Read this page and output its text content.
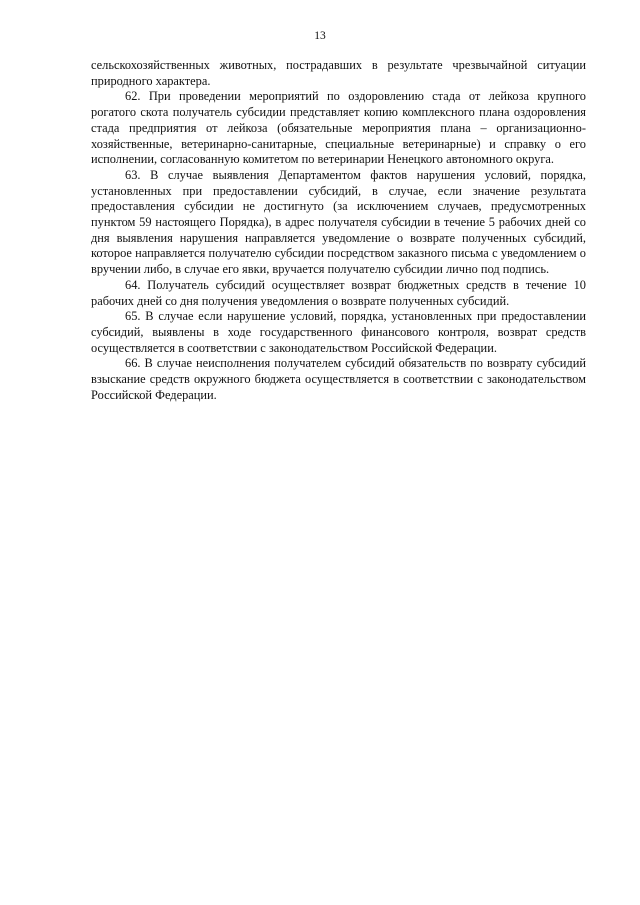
13

сельскохозяйственных животных, пострадавших в результате чрезвычайной ситуации природного характера.

62. При проведении мероприятий по оздоровлению стада от лейкоза крупного рогатого скота получатель субсидии представляет копию комплексного плана оздоровления стада предприятия от лейкоза (обязательные мероприятия плана – организационно-хозяйственные, ветеринарно-санитарные, специальные ветеринарные) и справку о его исполнении, согласованную комитетом по ветеринарии Ненецкого автономного округа.

63. В случае выявления Департаментом фактов нарушения условий, порядка, установленных при предоставлении субсидий, в случае, если значение результата предоставления субсидии не достигнуто (за исключением случаев, предусмотренных пунктом 59 настоящего Порядка), в адрес получателя субсидии в течение 5 рабочих дней со дня выявления нарушения направляется уведомление о возврате полученных субсидий, которое направляется получателю субсидии посредством заказного письма с уведомлением о вручении либо, в случае его явки, вручается получателю субсидии лично под подпись.

64. Получатель субсидий осуществляет возврат бюджетных средств в течение 10 рабочих дней со дня получения уведомления о возврате полученных субсидий.

65. В случае если нарушение условий, порядка, установленных при предоставлении субсидий, выявлены в ходе государственного финансового контроля, возврат средств осуществляется в соответствии с законодательством Российской Федерации.

66. В случае неисполнения получателем субсидий обязательств по возврату субсидий взыскание средств окружного бюджета осуществляется в соответствии с законодательством Российской Федерации.
